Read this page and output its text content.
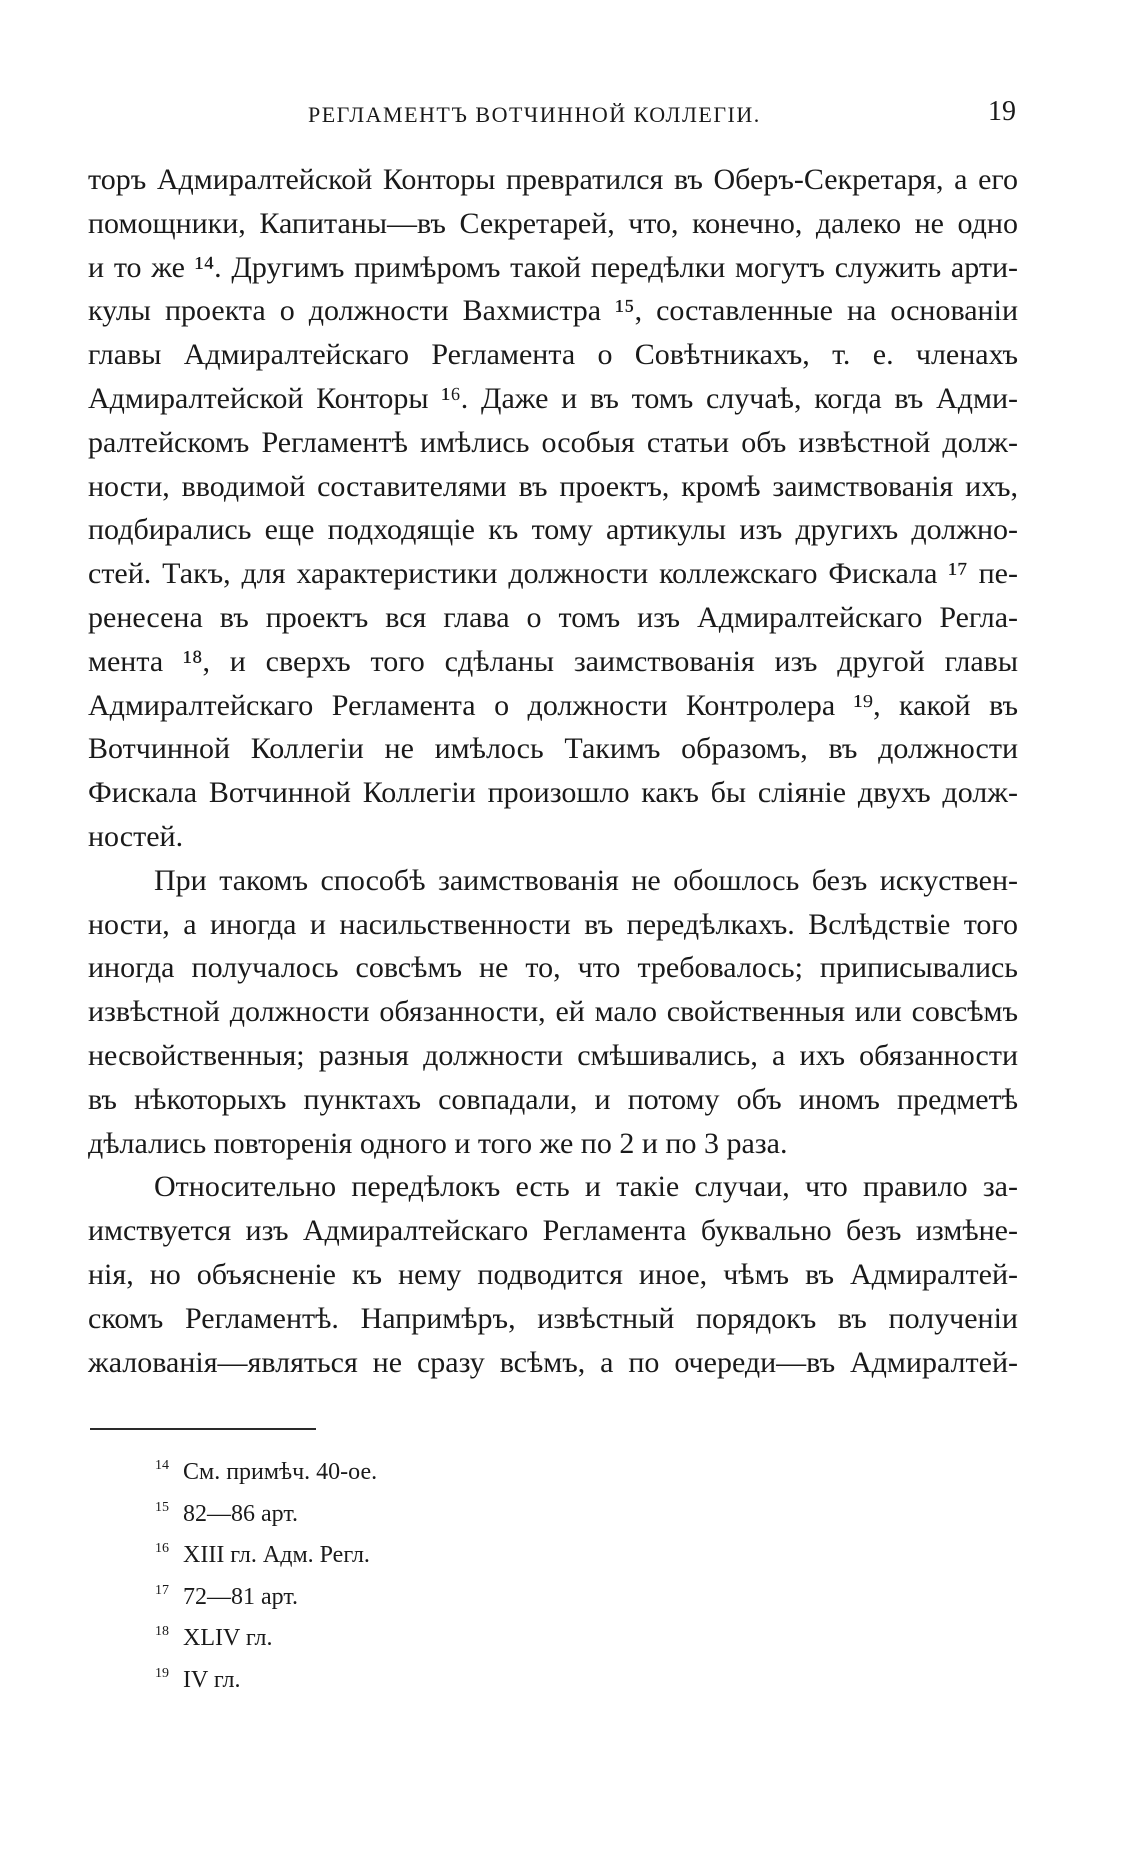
РЕГЛАМЕНТЪ ВОТЧИННОЙ КОЛЛЕГІИ.	19
торъ Адмиралтейской Конторы превратился въ Оберъ-Секретаря, а его
помощники, Капитаны—въ Секретарей, что, конечно, далеко не одно
и то же ¹⁴. Другимъ примѣромъ такой передѣлки могутъ служить арти-
кулы проекта о должности Вахмистра ¹⁵, составленные на основаніи
главы Адмиралтейскаго Регламента о Совѣтникахъ, т. е. членахъ
Адмиралтейской Конторы ¹⁶. Даже и въ томъ случаѣ, когда въ Адми-
ралтейскомъ Регламентѣ имѣлись особыя статьи объ извѣстной долж-
ности, вводимой составителями въ проектъ, кромѣ заимствованія ихъ,
подбирались еще подходящіе къ тому артикулы изъ другихъ должно-
стей. Такъ, для характеристики должности коллежскаго Фискала ¹⁷ пе-
ренесена въ проектъ вся глава о томъ изъ Адмиралтейскаго Регла-
мента ¹⁸, и сверхъ того сдѣланы заимствованія изъ другой главы
Адмиралтейскаго Регламента о должности Контролера ¹⁹, какой въ
Вотчинной Коллегіи не имѣлось Такимъ образомъ, въ должности
Фискала Вотчинной Коллегіи произошло какъ бы сліяніе двухъ долж-
ностей.
При такомъ способѣ заимствованія не обошлось безъ искуствен-
ности, а иногда и насильственности въ передѣлкахъ. Вслѣдствіе того
иногда получалось совсѣмъ не то, что требовалось; приписывались
извѣстной должности обязанности, ей мало свойственныя или совсѣмъ
несвойственныя; разныя должности смѣшивались, а ихъ обязанности
въ нѣкоторыхъ пунктахъ совпадали, и потому объ иномъ предметѣ
дѣлались повторенія одного и того же по 2 и по 3 раза.
Относительно передѣлокъ есть и такіе случаи, что правило за-
имствуется изъ Адмиралтейскаго Регламента буквально безъ измѣне-
нія, но объясненіе къ нему подводится иное, чѣмъ въ Адмиралтей-
скомъ Регламентѣ. Напримѣръ, извѣстный порядокъ въ полученіи
жалованія—являться не сразу всѣмъ, а по очереди—въ Адмиралтей-
14 См. примѣч. 40-ое.
15 82—86 арт.
16 XIII гл. Адм. Регл.
17 72—81 арт.
18 XLIV гл.
19 IV гл.
